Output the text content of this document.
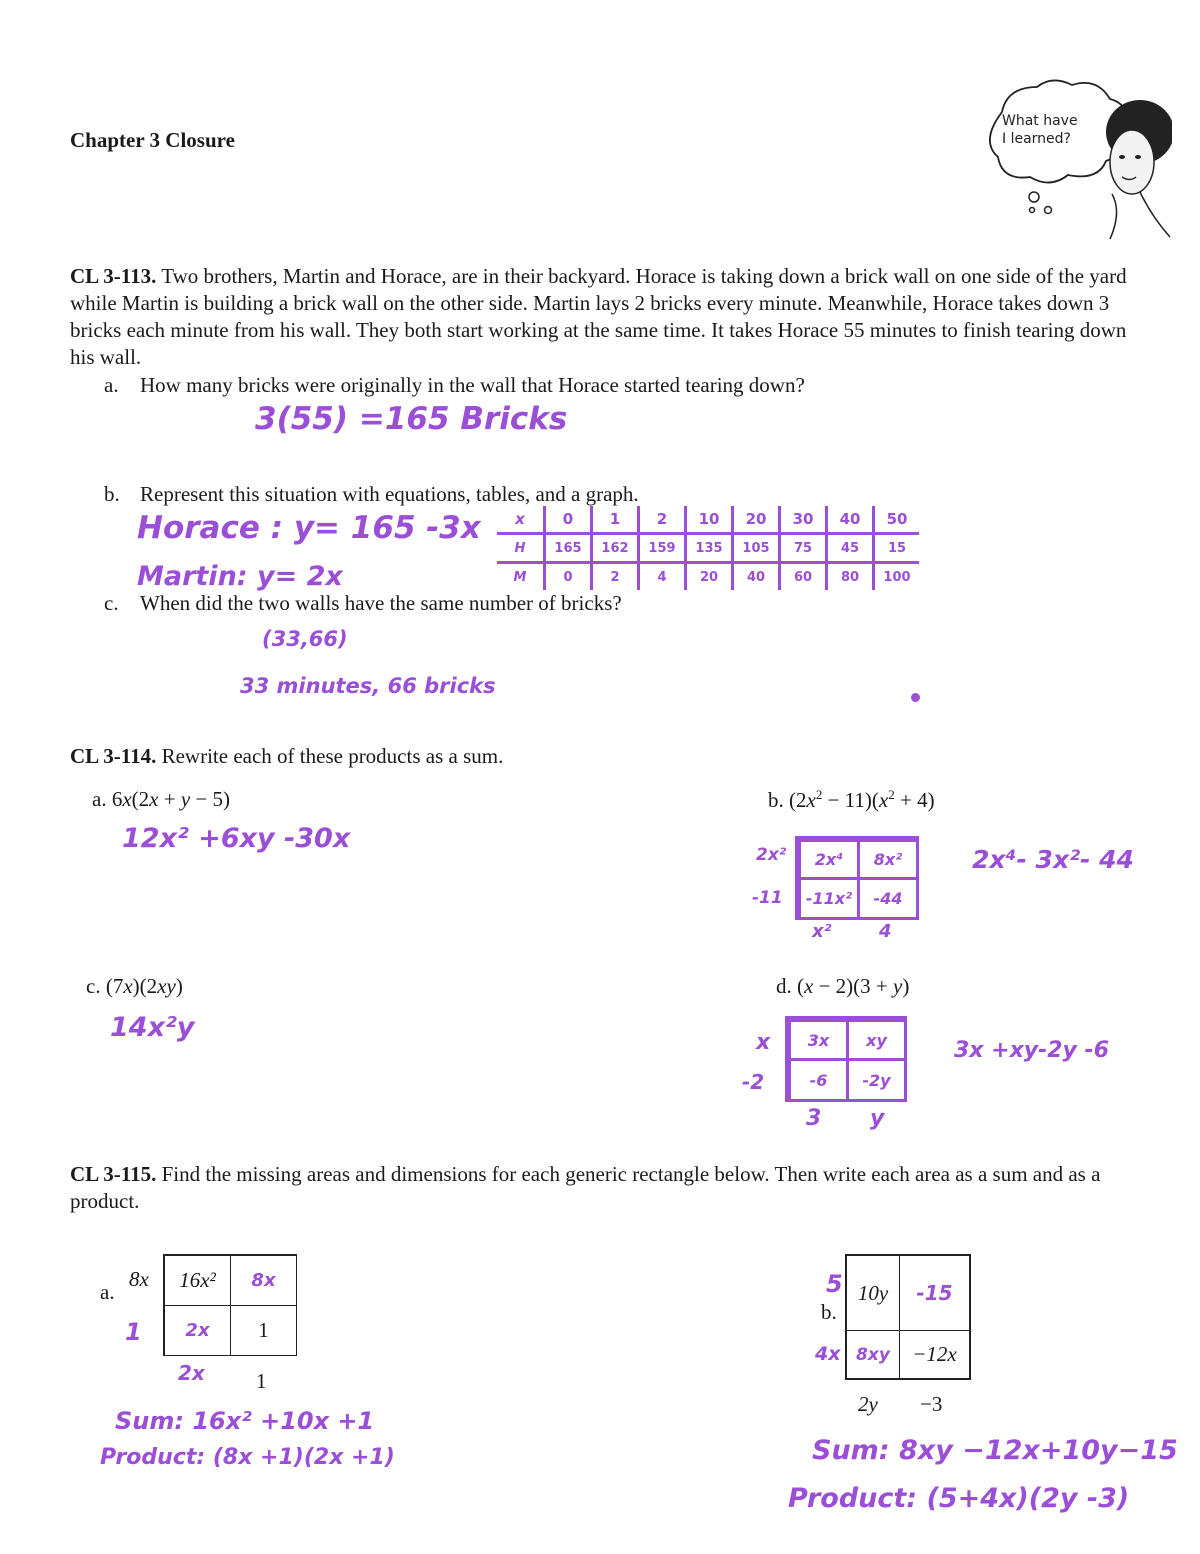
Chapter 3 Closure
What have
I learned?
CL 3-113. Two brothers, Martin and Horace, are in their backyard. Horace is taking down a brick wall on one side of the yard while Martin is building a brick wall on the other side. Martin lays 2 bricks every minute. Meanwhile, Horace takes down 3 bricks each minute from his wall. They both start working at the same time. It takes Horace 55 minutes to finish tearing down his wall.
a. How many bricks were originally in the wall that Horace started tearing down?
3(55) =165 Bricks
b. Represent this situation with equations, tables, and a graph.
Horace : y= 165 -3x
Martin: y= 2x
x	0	1	2	10	20	30	40	50
H	165	162	159	135	105	75	45	15
M	0	2	4	20	40	60	80	100
c. When did the two walls have the same number of bricks?
(33,66)
33 minutes, 66 bricks
CL 3-114. Rewrite each of these products as a sum.
a. 6x(2x + y − 5)
12x² +6xy -30x
b. $(2x^2 - 11)(x^2 + 4)$
2x²
-11
2x⁴	8x²
-11x²	-44
x²	4
2x⁴- 3x²- 44
c. (7x)(2xy)
14x²y
d. (x − 2)(3 + y)
x
-2
3x	xy
-6	-2y
3 y
3x +xy-2y -6
CL 3-115. Find the missing areas and dimensions for each generic rectangle below. Then write each area as a sum and as a product.
a.
8x
1
16x²	8x
2x	1
2x 1
Sum: 16x² +10x +1
Product: (8x +1)(2x +1)
b.
5
4x
10y	-15
8xy	−12x
2y −3
Sum: 8xy −12x+10y−15
Product: (5+4x)(2y -3)
